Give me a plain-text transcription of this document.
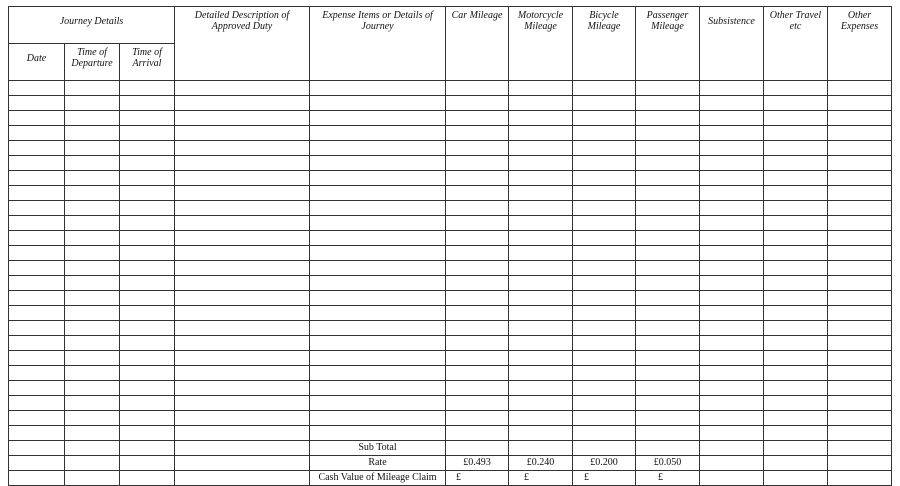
Journey Details			Detailed Description of Approved Duty	Expense Items or Details of Journey	Car Mileage	Motorcycle Mileage	Bicycle Mileage	Passenger Mileage	Subsistence	Other Travel etc	Other Expenses
Date	Time of Departure	Time of Arrival									

				Sub Total							
				Rate	£0.493	£0.240	£0.200	£0.050			
				Cash Value of Mileage Claim	£	£	£	£			
